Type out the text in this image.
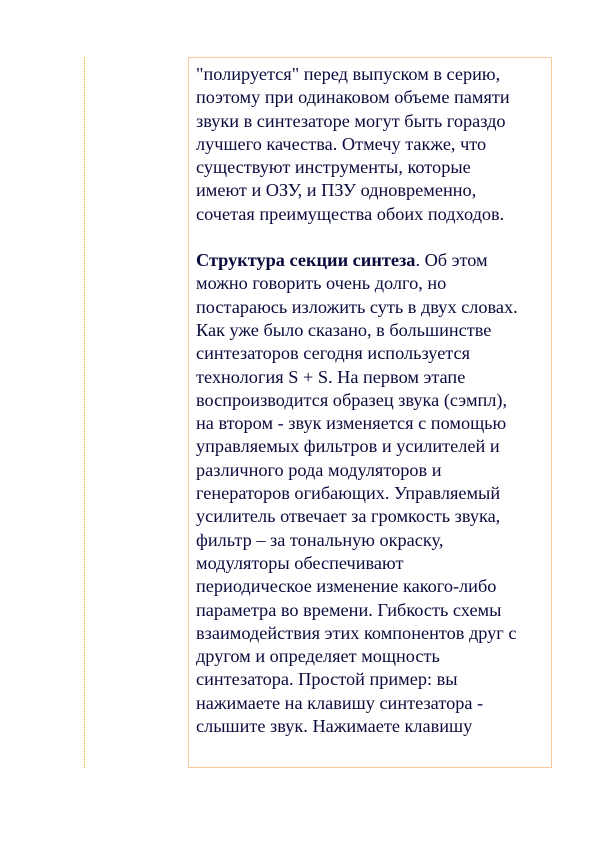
"полируется" перед выпуском в серию,
поэтому при одинаковом объеме памяти
звуки в синтезаторе могут быть гораздо
лучшего качества. Отмечу также, что
существуют инструменты, которые
имеют и ОЗУ, и ПЗУ одновременно,
сочетая преимущества обоих подходов.

Структура секции синтеза. Об этом
можно говорить очень долго, но
постараюсь изложить суть в двух словах.
Как уже было сказано, в большинстве
синтезаторов сегодня используется
технология S + S. На первом этапе
воспроизводится образец звука (сэмпл),
на втором - звук изменяется с помощью
управляемых фильтров и усилителей и
различного рода модуляторов и
генераторов огибающих. Управляемый
усилитель отвечает за громкость звука,
фильтр – за тональную окраску,
модуляторы обеспечивают
периодическое изменение какого-либо
параметра во времени. Гибкость схемы
взаимодействия этих компонентов друг с
другом и определяет мощность
синтезатора. Простой пример: вы
нажимаете на клавишу синтезатора -
слышите звук. Нажимаете клавишу
